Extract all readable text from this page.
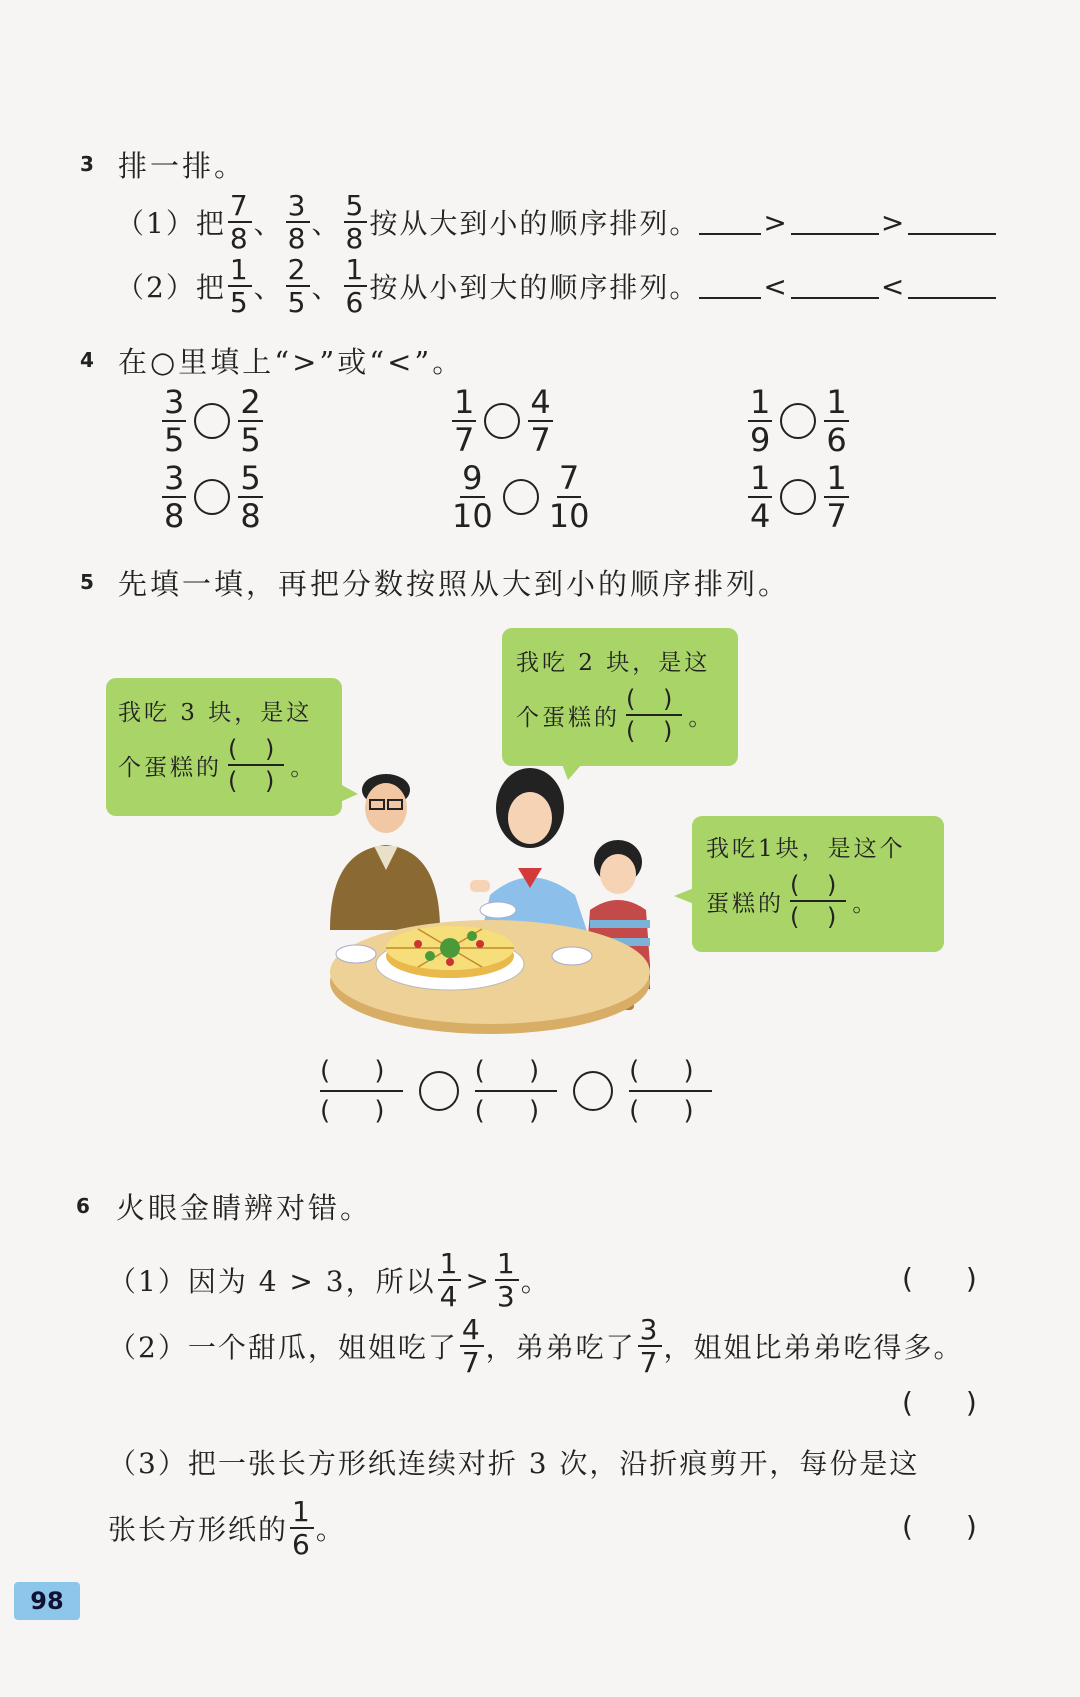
3 排一排。
（1）把 $\frac{7}{8}$ 、 $\frac{3}{8}$ 、 $\frac{5}{8}$ 按从大到小的顺序排列。 >	>
（2）把 $\frac{1}{5}$ 、 $\frac{2}{5}$ 、 $\frac{1}{6}$ 按从小到大的顺序排列。 <	<
4 在○里填上“>”或“<”。
$\frac{3}{5} \frac{2}{5}$	$\frac{1}{7} \frac{4}{7}$	$\frac{1}{9} \frac{1}{6}$
$\frac{3}{8} \frac{5}{8}$	$\frac{9}{10} \frac{7}{10}$	$\frac{1}{4} \frac{1}{7}$
5 先填一填，再把分数按照从大到小的顺序排列。
我吃 3 块，是这
个蛋糕的
( )
( ) 。
我吃 2 块，是这
个蛋糕的
( )
( ) 。
我吃1块，是这个
蛋糕的
( )
( ) 。
( )
( )
( )
( )
( )
( )
6 火眼金睛辨对错。
（1）因为 4 > 3，所以 $\frac{1}{4} > \frac{1}{3}$ 。	( )
（2）一个甜瓜，姐姐吃了 $\frac{4}{7}$ ，弟弟吃了 $\frac{3}{7}$ ，姐姐比弟弟吃得多。
( )
（3）把一张长方形纸连续对折 3 次，沿折痕剪开，每份是这
张长方形纸的 $\frac{1}{6}$ 。	( )
98
